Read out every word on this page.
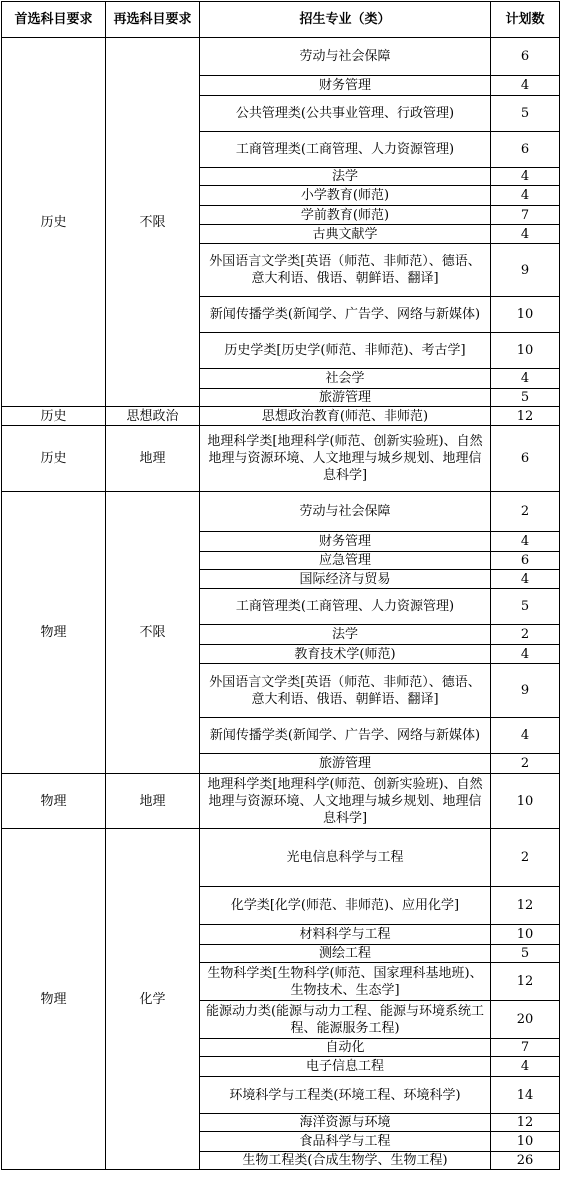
首选科目要求	再选科目要求	招生专业（类）	计划数
历史	不限	劳动与社会保障	6
		财务管理	4
		公共管理类(公共事业管理、行政管理)	5
		工商管理类(工商管理、人力资源管理)	6
		法学	4
		小学教育(师范)	4
		学前教育(师范)	7
		古典文献学	4
		外国语言文学类[英语（师范、非师范）、德语、意大利语、俄语、朝鲜语、翻译]	9
		新闻传播学类(新闻学、广告学、网络与新媒体)	10
		历史学类[历史学(师范、非师范)、考古学]	10
		社会学	4
		旅游管理	5
历史	思想政治	思想政治教育(师范、非师范)	12
历史	地理	地理科学类[地理科学(师范、创新实验班)、自然地理与资源环境、人文地理与城乡规划、地理信息科学]	6
物理	不限	劳动与社会保障	2
		财务管理	4
		应急管理	6
		国际经济与贸易	4
		工商管理类(工商管理、人力资源管理)	5
		法学	2
		教育技术学(师范)	4
		外国语言文学类[英语（师范、非师范）、德语、意大利语、俄语、朝鲜语、翻译]	9
		新闻传播学类(新闻学、广告学、网络与新媒体)	4
		旅游管理	2
物理	地理	地理科学类[地理科学(师范、创新实验班)、自然地理与资源环境、人文地理与城乡规划、地理信息科学]	10
物理	化学	光电信息科学与工程	2
		化学类[化学(师范、非师范)、应用化学]	12
		材料科学与工程	10
		测绘工程	5
		生物科学类[生物科学(师范、国家理科基地班)、生物技术、生态学]	12
		能源动力类(能源与动力工程、能源与环境系统工程、能源服务工程)	20
		自动化	7
		电子信息工程	4
		环境科学与工程类(环境工程、环境科学)	14
		海洋资源与环境	12
		食品科学与工程	10
		生物工程类(合成生物学、生物工程)	26
